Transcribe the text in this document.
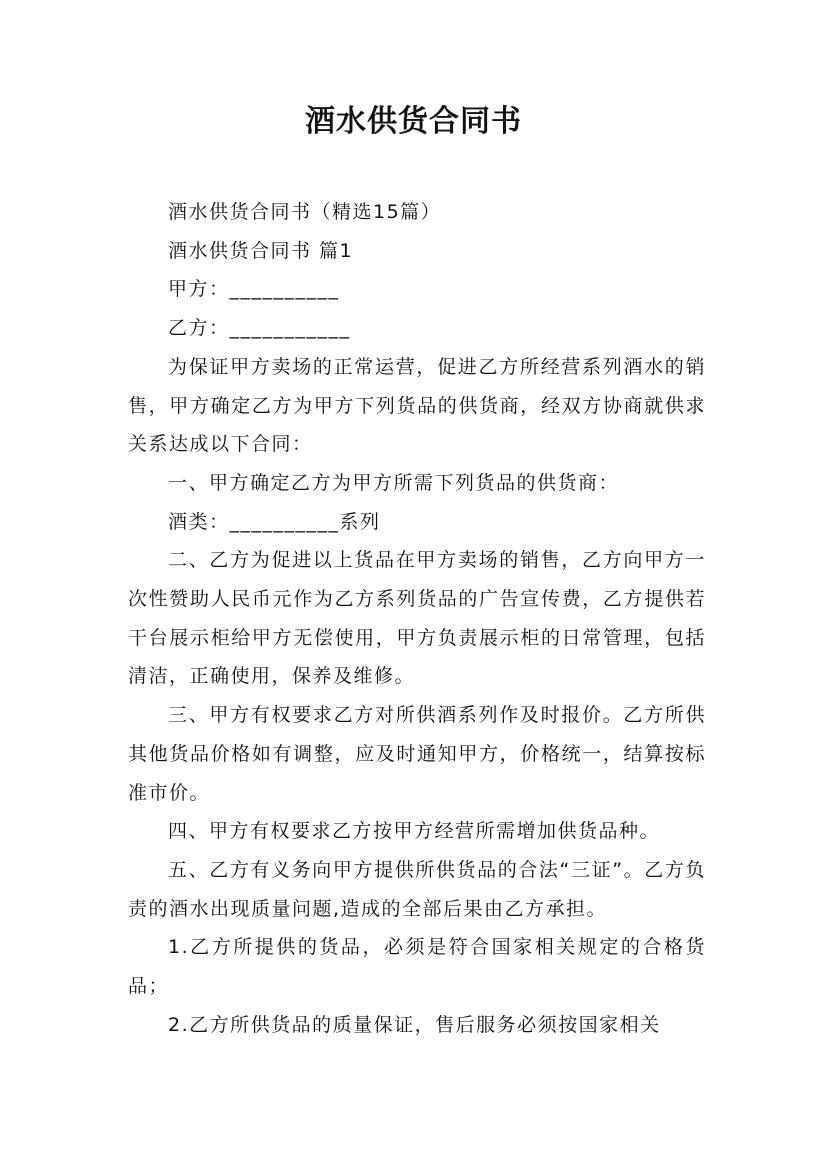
酒水供货合同书

酒水供货合同书（精选15篇）

酒水供货合同书 篇1

甲方：__________

乙方：___________

为保证甲方卖场的正常运营，促进乙方所经营系列酒水的销售，甲方确定乙方为甲方下列货品的供货商，经双方协商就供求关系达成以下合同：

一、甲方确定乙方为甲方所需下列货品的供货商：

酒类：__________系列

二、乙方为促进以上货品在甲方卖场的销售，乙方向甲方一次性赞助人民币元作为乙方系列货品的广告宣传费，乙方提供若干台展示柜给甲方无偿使用，甲方负责展示柜的日常管理，包括清洁，正确使用，保养及维修。

三、甲方有权要求乙方对所供酒系列作及时报价。乙方所供其他货品价格如有调整，应及时通知甲方，价格统一，结算按标准市价。

四、甲方有权要求乙方按甲方经营所需增加供货品种。

五、乙方有义务向甲方提供所供货品的合法“三证”。乙方负责的酒水出现质量问题,造成的全部后果由乙方承担。

1.乙方所提供的货品，必须是符合国家相关规定的合格货品；

2.乙方所供货品的质量保证，售后服务必须按国家相关
